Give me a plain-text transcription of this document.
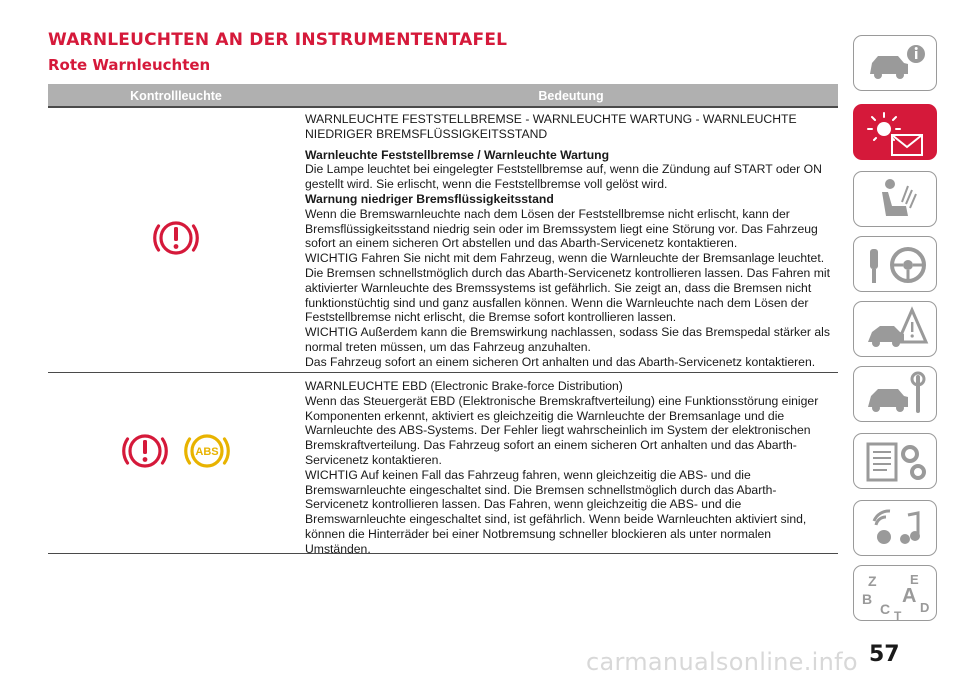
WARNLEUCHTEN AN DER INSTRUMENTENTAFEL
Rote Warnleuchten
Kontrollleuchte	Bedeutung

WARNLEUCHTE FESTSTELLBREMSE - WARNLEUCHTE WARTUNG - WARNLEUCHTE NIEDRIGER BREMSFLÜSSIGKEITSSTAND

Warnleuchte Feststellbremse / Warnleuchte Wartung

Die Lampe leuchtet bei eingelegter Feststellbremse auf, wenn die Zündung auf START oder ON gestellt wird. Sie erlischt, wenn die Feststellbremse voll gelöst wird.

Warnung niedriger Bremsflüssigkeitsstand

Wenn die Bremswarnleuchte nach dem Lösen der Feststellbremse nicht erlischt, kann der Bremsflüssigkeitsstand niedrig sein oder im Bremssystem liegt eine Störung vor. Das Fahrzeug sofort an einem sicheren Ort abstellen und das Abarth-Servicenetz kontaktieren.

WICHTIG Fahren Sie nicht mit dem Fahrzeug, wenn die Warnleuchte der Bremsanlage leuchtet. Die Bremsen schnellstmöglich durch das Abarth-Servicenetz kontrollieren lassen. Das Fahren mit aktivierter Warnleuchte des Bremssystems ist gefährlich. Sie zeigt an, dass die Bremsen nicht funktionstüchtig sind und ganz ausfallen können. Wenn die Warnleuchte nach dem Lösen der Feststellbremse nicht erlischt, die Bremse sofort kontrollieren lassen.

WICHTIG Außerdem kann die Bremswirkung nachlassen, sodass Sie das Bremspedal stärker als normal treten müssen, um das Fahrzeug anzuhalten.

Das Fahrzeug sofort an einem sicheren Ort anhalten und das Abarth-Servicenetz kontaktieren.

ABS

WARNLEUCHTE EBD (Electronic Brake-force Distribution)

Wenn das Steuergerät EBD (Elektronische Bremskraftverteilung) eine Funktionsstörung einiger Komponenten erkennt, aktiviert es gleichzeitig die Warnleuchte der Bremsanlage und die Warnleuchte des ABS-Systems. Der Fehler liegt wahrscheinlich im System der elektronischen Bremskraftverteilung. Das Fahrzeug sofort an einem sicheren Ort anhalten und das Abarth-Servicenetz kontaktieren.

WICHTIG Auf keinen Fall das Fahrzeug fahren, wenn gleichzeitig die ABS- und die Bremswarnleuchte eingeschaltet sind. Die Bremsen schnellstmöglich durch das Abarth-Servicenetz kontrollieren lassen. Das Fahren, wenn gleichzeitig die ABS- und die Bremswarnleuchte eingeschaltet sind, ist gefährlich. Wenn beide Warnleuchten aktiviert sind, können die Hinterräder bei einer Notbremsung schneller blockieren als unter normalen Umständen.

Z	E
B A
C D
T
carmanualsonline.info 57
